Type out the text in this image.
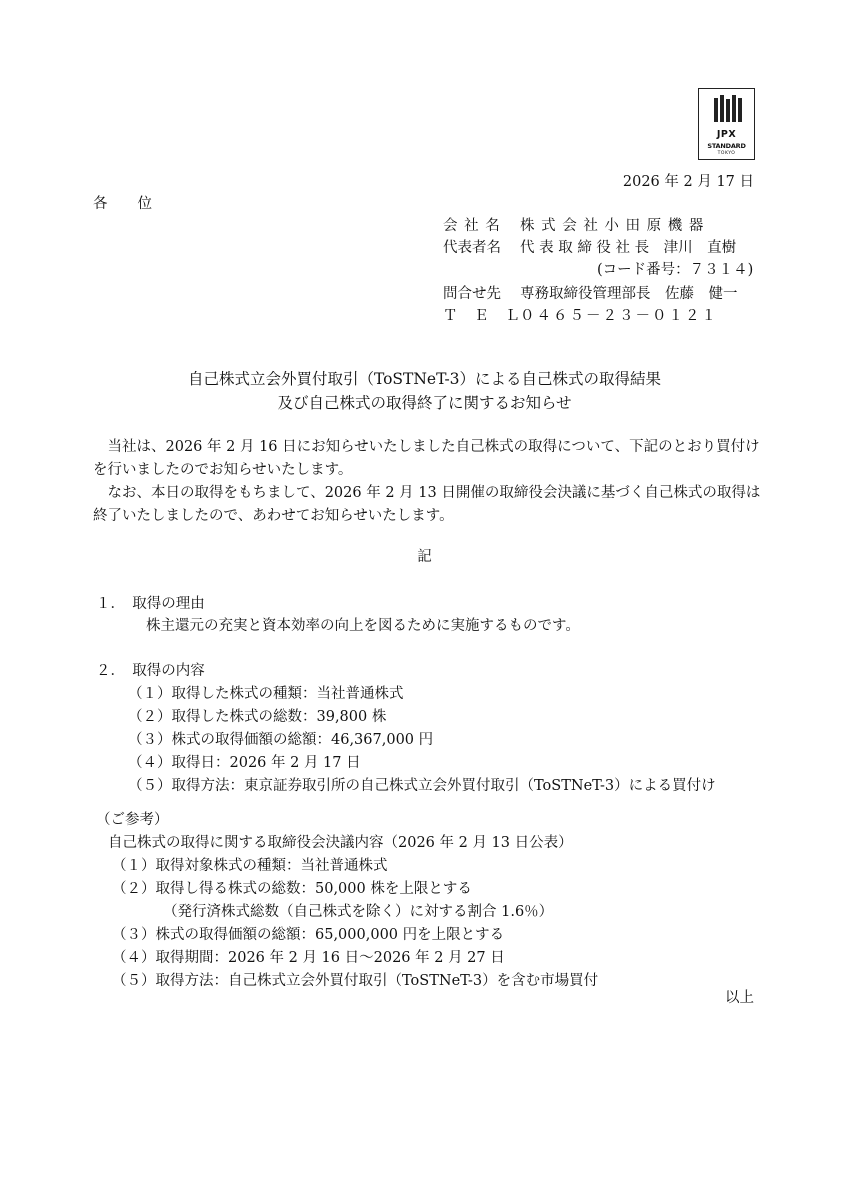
JPX
STANDARD
TOKYO
2026 年 2 月 17 日
各位
会 社 名 株 式 会 社 小 田 原 機 器
代表者名 代 表 取 締 役 社 長　津川　直樹
(コード番号：７３１４)
問合せ先 専務取締役管理部長　佐藤　健一
Ｔ Ｅ Ｌ
０４６５－２３－０１２１
自己株式立会外買付取引（ToSTNeT-3）による自己株式の取得結果
及び自己株式の取得終了に関するお知らせ
　当社は、2026 年 2 月 16 日にお知らせいたしました自己株式の取得について、下記のとおり買付け
を行いましたのでお知らせいたします。
　なお、本日の取得をもちまして、2026 年 2 月 13 日開催の取締役会決議に基づく自己株式の取得は
終了いたしましたので、あわせてお知らせいたします。
記
１．　取得の理由
株主還元の充実と資本効率の向上を図るために実施するものです。
２．　取得の内容
（１）取得した株式の種類：当社普通株式
（２）取得した株式の総数：39,800 株
（３）株式の取得価額の総額：46,367,000 円
（４）取得日：2026 年 2 月 17 日
（５）取得方法：東京証券取引所の自己株式立会外買付取引（ToSTNeT-3）による買付け
（ご参考）
自己株式の取得に関する取締役会決議内容（2026 年 2 月 13 日公表）
（１）取得対象株式の種類：当社普通株式
（２）取得し得る株式の総数：50,000 株を上限とする
（発行済株式総数（自己株式を除く）に対する割合 1.6％）
（３）株式の取得価額の総額：65,000,000 円を上限とする
（４）取得期間：2026 年 2 月 16 日～2026 年 2 月 27 日
（５）取得方法：自己株式立会外買付取引（ToSTNeT-3）を含む市場買付
以上
